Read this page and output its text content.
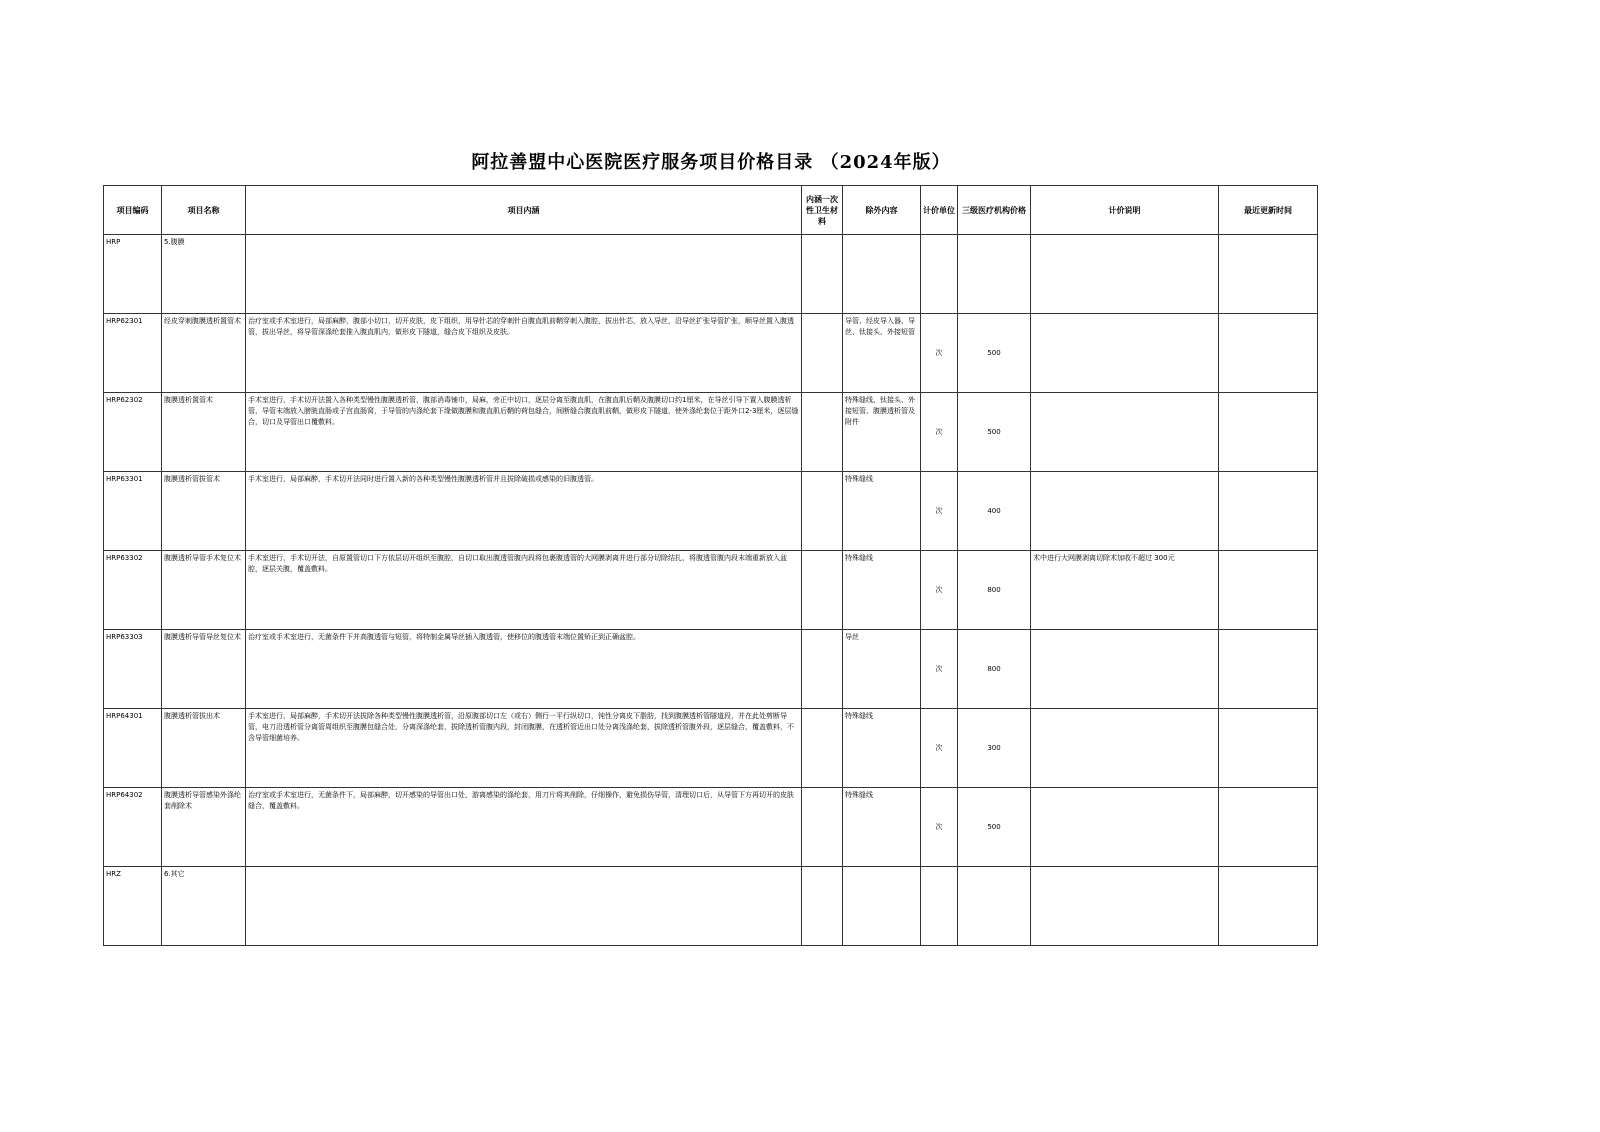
阿拉善盟中心医院医疗服务项目价格目录 （2024年版）
项目编码	项目名称	项目内涵	内涵一次性卫生材料	除外内容	计价单位	三级医疗机构价格	计价说明	最近更新时间
HRP	5.腹膜							
HRP62301	经皮穿刺腹膜透析置管术	治疗室或手术室进行，局部麻醉，腹部小切口，切开皮肤，皮下组织，用导针芯的穿刺针自腹直肌前鞘穿刺入腹腔，拔出针芯，放入导丝，沿导丝扩张导管扩张，顺导丝置入腹透管，拔出导丝，将导管深涤纶套推入腹直肌内，做形皮下隧道，缝合皮下组织及皮肤。		导管、经皮导入器、导丝、钛接头、外接短管	次	500		
HRP62302	腹膜透析置管术	手术室进行，手术切开法置入各种类型慢性腹膜透析管，腹部消毒铺巾，局麻，旁正中切口，逐层分离至腹直肌，在腹直肌后鞘及腹膜切口约1厘米，在导丝引导下置入腹膜透析管，导管末端放入膀胱直肠或子宫直肠窝，于导管的内涤纶套下缘做腹膜和腹直肌后鞘的荷包缝合，间断缝合腹直肌前鞘，做形皮下隧道，使外涤纶套位于距外口2-3厘米，逐层缝合，切口及导管出口覆敷料。		特殊缝线、钛接头、外接短管、腹膜透析管及附件	次	500		
HRP63301	腹膜透析管拔管术	手术室进行，局部麻醉，手术切开法同时进行置入新的各种类型慢性腹膜透析管并且拔除破损或感染的旧腹透管。		特殊缝线	次	400		
HRP63302	腹膜透析导管手术复位术	手术室进行，手术切开法，自原置管切口下方依层切开组织至腹腔，自切口取出腹透管腹内段将包裹腹透管的大网膜剥离并进行部分切除结扎，将腹透管腹内段末端重新放入盆腔，逐层关腹，覆盖敷料。		特殊缝线	次	800	术中进行大网膜剥离切除术加收不超过 300元	
HRP63303	腹膜透析导管导丝复位术	治疗室或手术室进行，无菌条件下并高腹透管与短管，将特制金属导丝插入腹透管，使移位的腹透管末端位置矫正到正确盆腔。		导丝	次	800		
HRP64301	腹膜透析管拔出术	手术室进行，局部麻醉，手术切开法拔除各种类型慢性腹膜透析管，沿原腹部切口左（或右）侧行一平行纵切口，钝性分离皮下脂肪，找到腹膜透析管隧道段，并在此处剪断导管，电刀沿透析管分离管周组织至腹膜包缝合处，分离深涤纶套，拔除透析管腹内段，封闭腹膜，在透析管近出口处分离浅涤纶套，拔除透析管腹外段，逐层缝合，覆盖敷料，不含导管细菌培养。		特殊缝线	次	300		
HRP64302	腹膜透析导管感染外涤纶套削除术	治疗室或手术室进行，无菌条件下，局部麻醉，切开感染的导管出口处，游离感染的涤纶套，用刀片将其削除，仔细操作，避免损伤导管，清理切口后，从导管下方再切开的皮肤缝合，覆盖敷料。		特殊缝线	次	500		
HRZ	6.其它							
